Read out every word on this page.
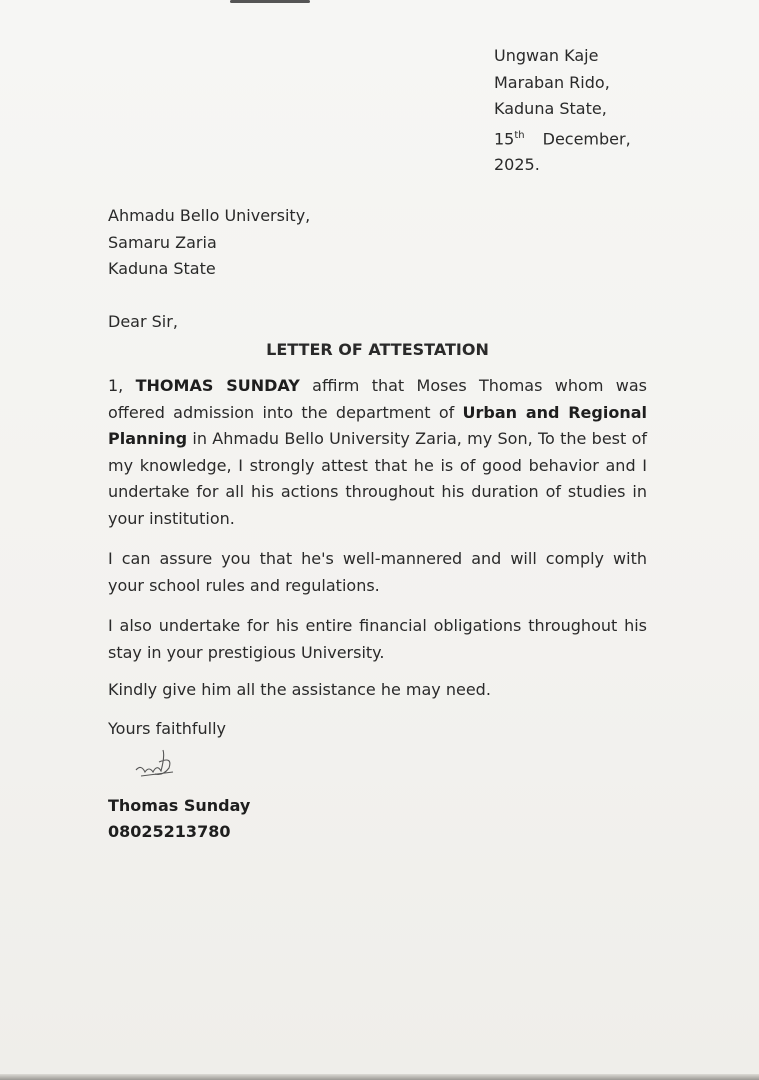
Ungwan Kaje
Maraban Rido,
Kaduna State,
15th December,
2025.
Ahmadu Bello University,
Samaru Zaria
Kaduna State
Dear Sir,
LETTER OF ATTESTATION
1, THOMAS SUNDAY affirm that Moses Thomas whom was offered admission into the department of Urban and Regional Planning in Ahmadu Bello University Zaria, my Son, To the best of my knowledge, I strongly attest that he is of good behavior and I undertake for all his actions throughout his duration of studies in your institution.
I can assure you that he's well-mannered and will comply with your school rules and regulations.
I also undertake for his entire financial obligations throughout his stay in your prestigious University.
Kindly give him all the assistance he may need.
Yours faithfully
Thomas Sunday
08025213780
